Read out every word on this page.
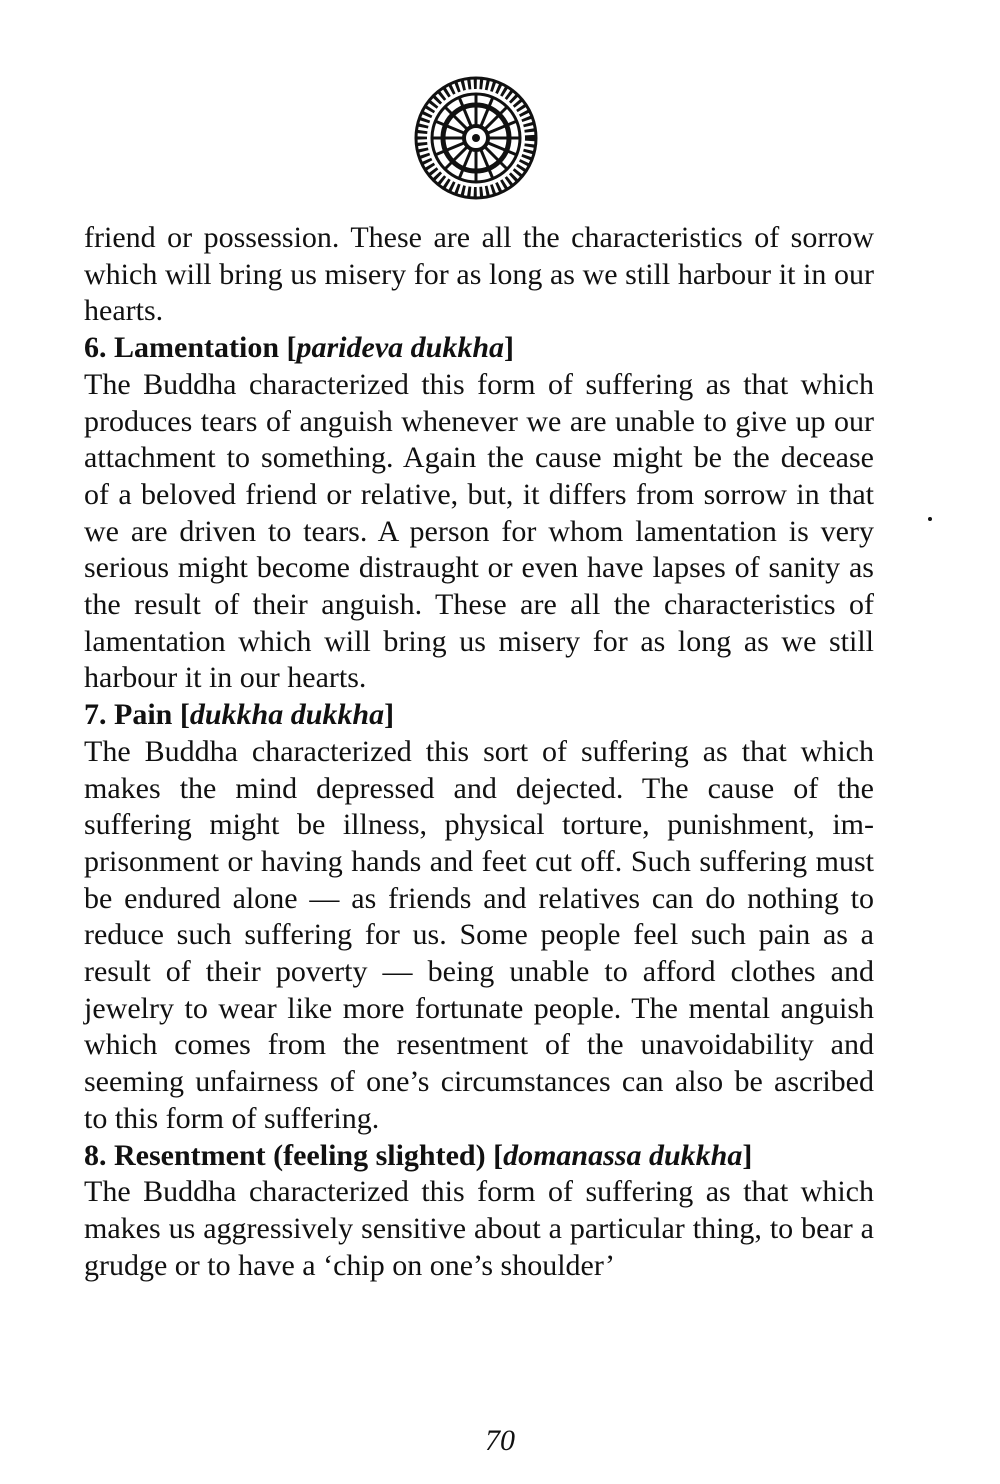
friend or possession. These are all the characteristics of sorrow which will bring us misery for as long as we still harbour it in our hearts.

6. Lamentation [parideva dukkha]

The Buddha characterized this form of suffering as that which produces tears of anguish whenever we are unable to give up our attachment to something. Again the cause might be the decease of a beloved friend or relative, but, it differs from sorrow in that we are driven to tears. A person for whom lamentation is very serious might become distraught or even have lapses of sanity as the result of their anguish. These are all the characteristics of lamentation which will bring us misery for as long as we still harbour it in our hearts.

7. Pain [dukkha dukkha]

The Buddha characterized this sort of suffering as that which makes the mind depressed and dejected. The cause of the suffering might be illness, physical torture, punishment, imprisonment or having hands and feet cut off. Such suffering must be endured alone — as friends and relatives can do nothing to reduce such suffering for us. Some people feel such pain as a result of their poverty — being unable to afford clothes and jewelry to wear like more fortunate people. The mental anguish which comes from the resentment of the unavoidability and seeming unfairness of one’s circumstances can also be ascribed to this form of suffering.

8. Resentment (feeling slighted) [domanassa dukkha]

The Buddha characterized this form of suffering as that which makes us aggressively sensitive about a particular thing, to bear a grudge or to have a ‘chip on one’s shoulder’

70
